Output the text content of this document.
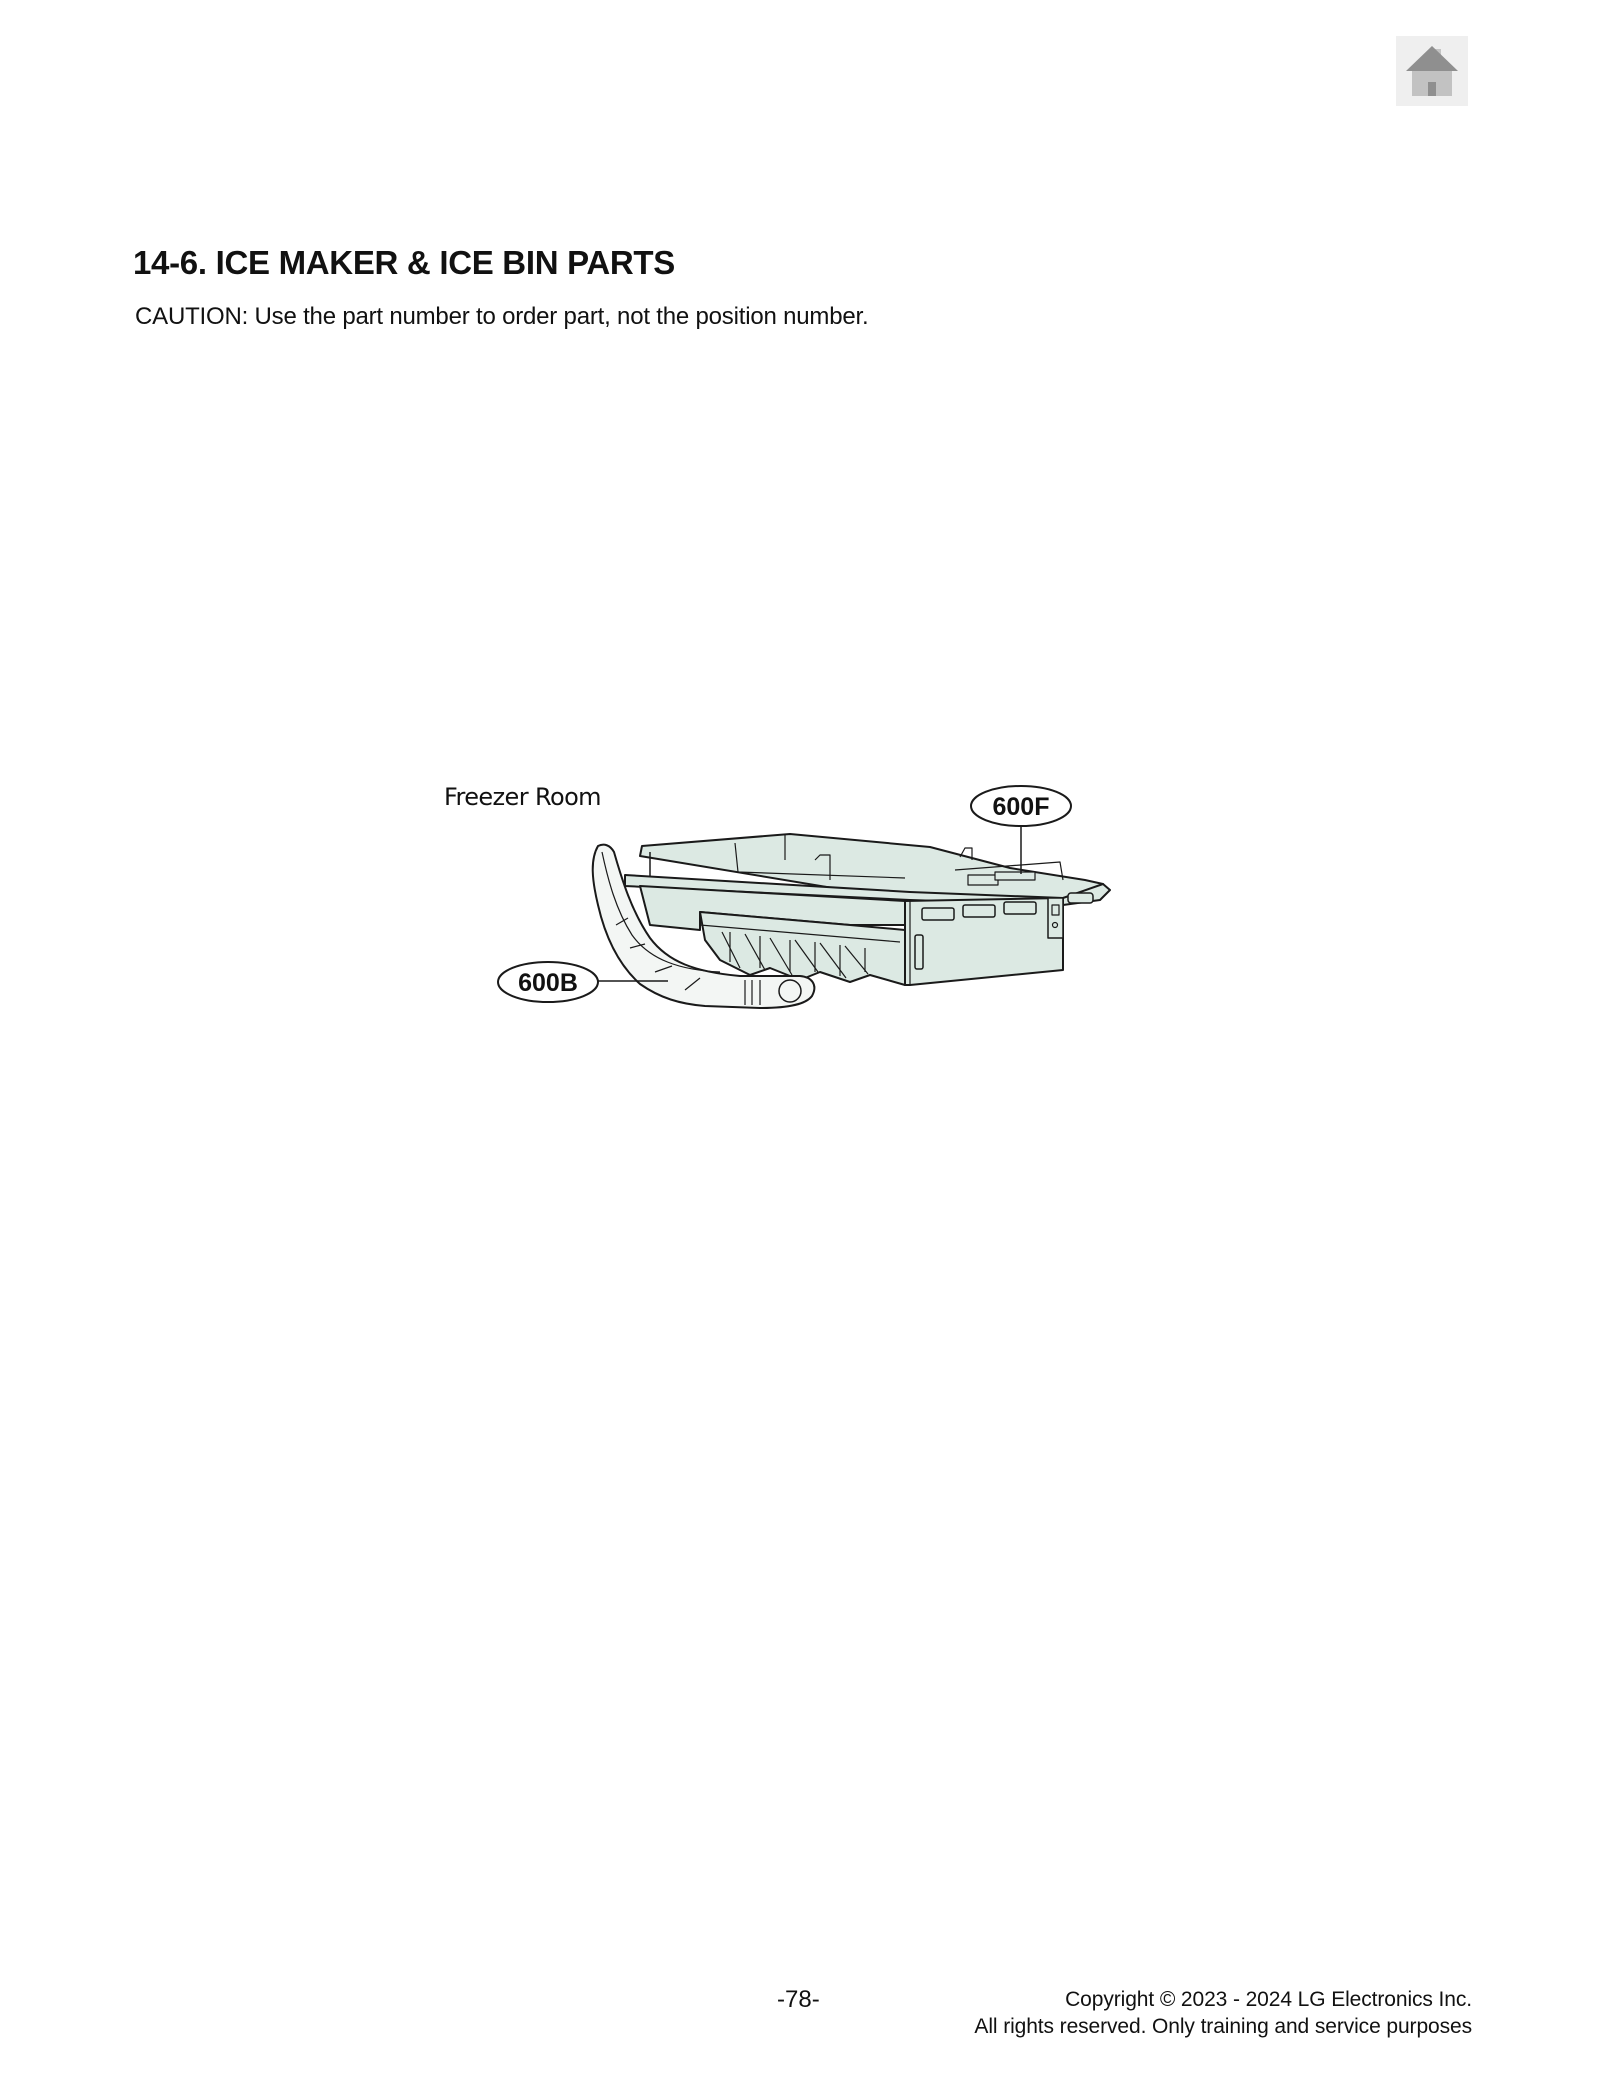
14-6. ICE MAKER & ICE BIN PARTS
CAUTION: Use the part number to order part, not the position number.
Freezer Room	600F
600B
-78-	Copyright © 2023 - 2024 LG Electronics Inc.
All rights reserved. Only training and service purposes
